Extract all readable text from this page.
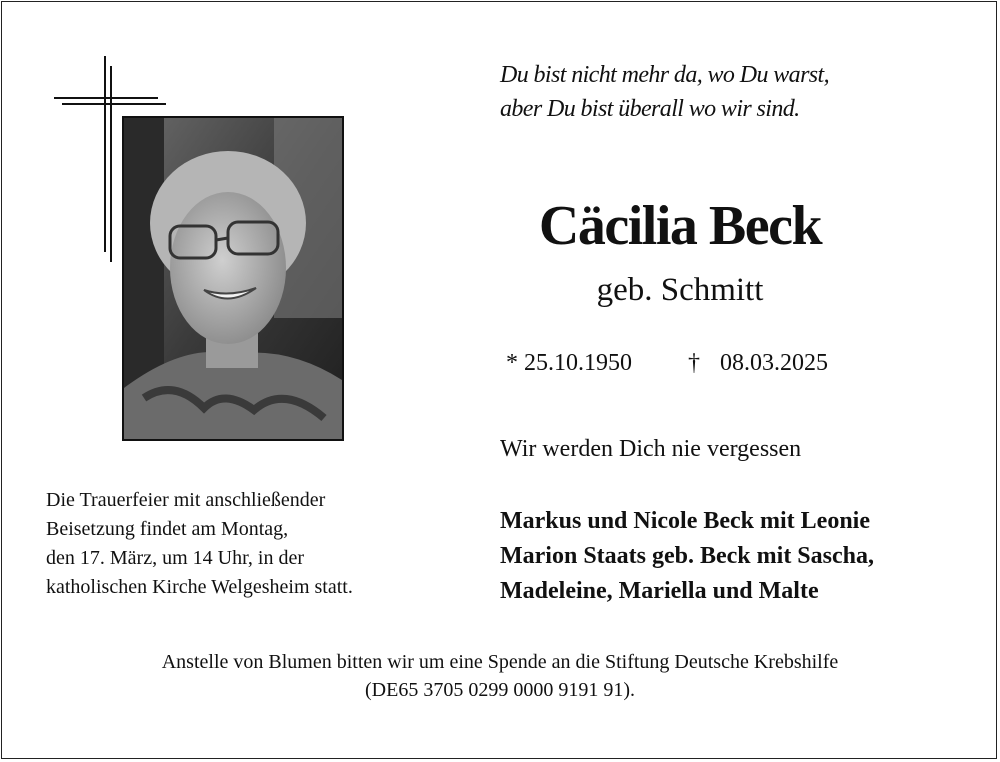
Du bist nicht mehr da, wo Du warst,
aber Du bist überall wo wir sind.
Cäcilia Beck
geb. Schmitt
* 25.10.1950 † 08.03.2025
Wir werden Dich nie vergessen
Markus und Nicole Beck mit Leonie
Marion Staats geb. Beck mit Sascha,
Madeleine, Mariella und Malte
Die Trauerfeier mit anschließender
Beisetzung findet am Montag,
den 17. März, um 14 Uhr, in der
katholischen Kirche Welgesheim statt.
Anstelle von Blumen bitten wir um eine Spende an die Stiftung Deutsche Krebshilfe
(DE65 3705 0299 0000 9191 91).
